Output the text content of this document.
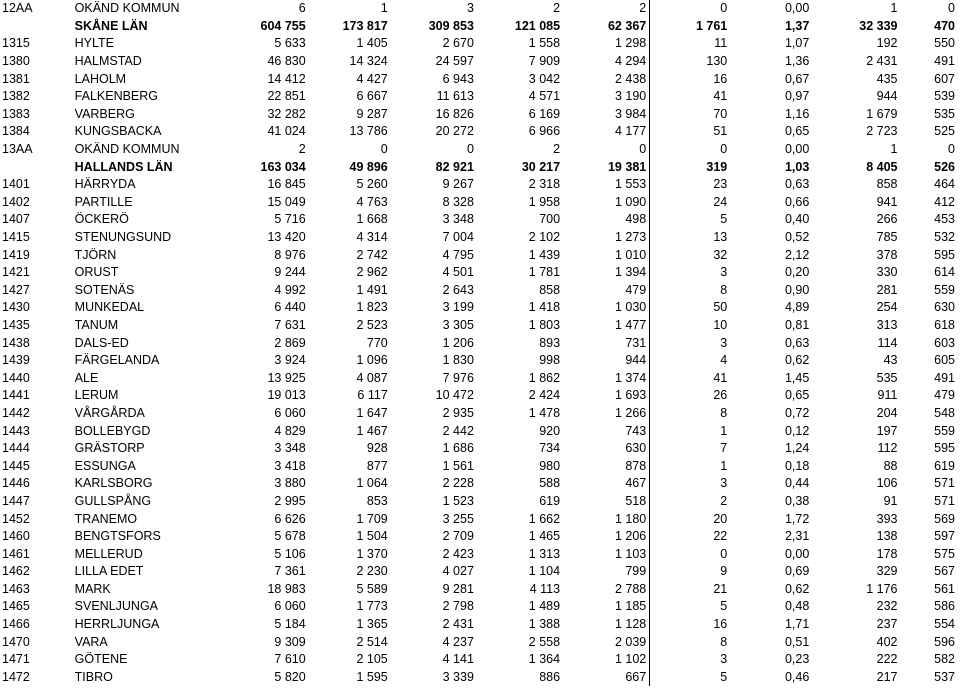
12AA	OKÄND KOMMUN	6	1	3	2	2	0	0,00	1	0
	SKÅNE LÄN	604 755	173 817	309 853	121 085	62 367	1 761	1,37	32 339	470
1315	HYLTE	5 633	1 405	2 670	1 558	1 298	11	1,07	192	550
1380	HALMSTAD	46 830	14 324	24 597	7 909	4 294	130	1,36	2 431	491
1381	LAHOLM	14 412	4 427	6 943	3 042	2 438	16	0,67	435	607
1382	FALKENBERG	22 851	6 667	11 613	4 571	3 190	41	0,97	944	539
1383	VARBERG	32 282	9 287	16 826	6 169	3 984	70	1,16	1 679	535
1384	KUNGSBACKA	41 024	13 786	20 272	6 966	4 177	51	0,65	2 723	525
13AA	OKÄND KOMMUN	2	0	0	2	0	0	0,00	1	0
	HALLANDS LÄN	163 034	49 896	82 921	30 217	19 381	319	1,03	8 405	526
1401	HÄRRYDA	16 845	5 260	9 267	2 318	1 553	23	0,63	858	464
1402	PARTILLE	15 049	4 763	8 328	1 958	1 090	24	0,66	941	412
1407	ÖCKERÖ	5 716	1 668	3 348	700	498	5	0,40	266	453
1415	STENUNGSUND	13 420	4 314	7 004	2 102	1 273	13	0,52	785	532
1419	TJÖRN	8 976	2 742	4 795	1 439	1 010	32	2,12	378	595
1421	ORUST	9 244	2 962	4 501	1 781	1 394	3	0,20	330	614
1427	SOTENÄS	4 992	1 491	2 643	858	479	8	0,90	281	559
1430	MUNKEDAL	6 440	1 823	3 199	1 418	1 030	50	4,89	254	630
1435	TANUM	7 631	2 523	3 305	1 803	1 477	10	0,81	313	618
1438	DALS-ED	2 869	770	1 206	893	731	3	0,63	114	603
1439	FÄRGELANDA	3 924	1 096	1 830	998	944	4	0,62	43	605
1440	ALE	13 925	4 087	7 976	1 862	1 374	41	1,45	535	491
1441	LERUM	19 013	6 117	10 472	2 424	1 693	26	0,65	911	479
1442	VÅRGÅRDA	6 060	1 647	2 935	1 478	1 266	8	0,72	204	548
1443	BOLLEBYGD	4 829	1 467	2 442	920	743	1	0,12	197	559
1444	GRÄSTORP	3 348	928	1 686	734	630	7	1,24	112	595
1445	ESSUNGA	3 418	877	1 561	980	878	1	0,18	88	619
1446	KARLSBORG	3 880	1 064	2 228	588	467	3	0,44	106	571
1447	GULLSPÅNG	2 995	853	1 523	619	518	2	0,38	91	571
1452	TRANEMO	6 626	1 709	3 255	1 662	1 180	20	1,72	393	569
1460	BENGTSFORS	5 678	1 504	2 709	1 465	1 206	22	2,31	138	597
1461	MELLERUD	5 106	1 370	2 423	1 313	1 103	0	0,00	178	575
1462	LILLA EDET	7 361	2 230	4 027	1 104	799	9	0,69	329	567
1463	MARK	18 983	5 589	9 281	4 113	2 788	21	0,62	1 176	561
1465	SVENLJUNGA	6 060	1 773	2 798	1 489	1 185	5	0,48	232	586
1466	HERRLJUNGA	5 184	1 365	2 431	1 388	1 128	16	1,71	237	554
1470	VARA	9 309	2 514	4 237	2 558	2 039	8	0,51	402	596
1471	GÖTENE	7 610	2 105	4 141	1 364	1 102	3	0,23	222	582
1472	TIBRO	5 820	1 595	3 339	886	667	5	0,46	217	537
